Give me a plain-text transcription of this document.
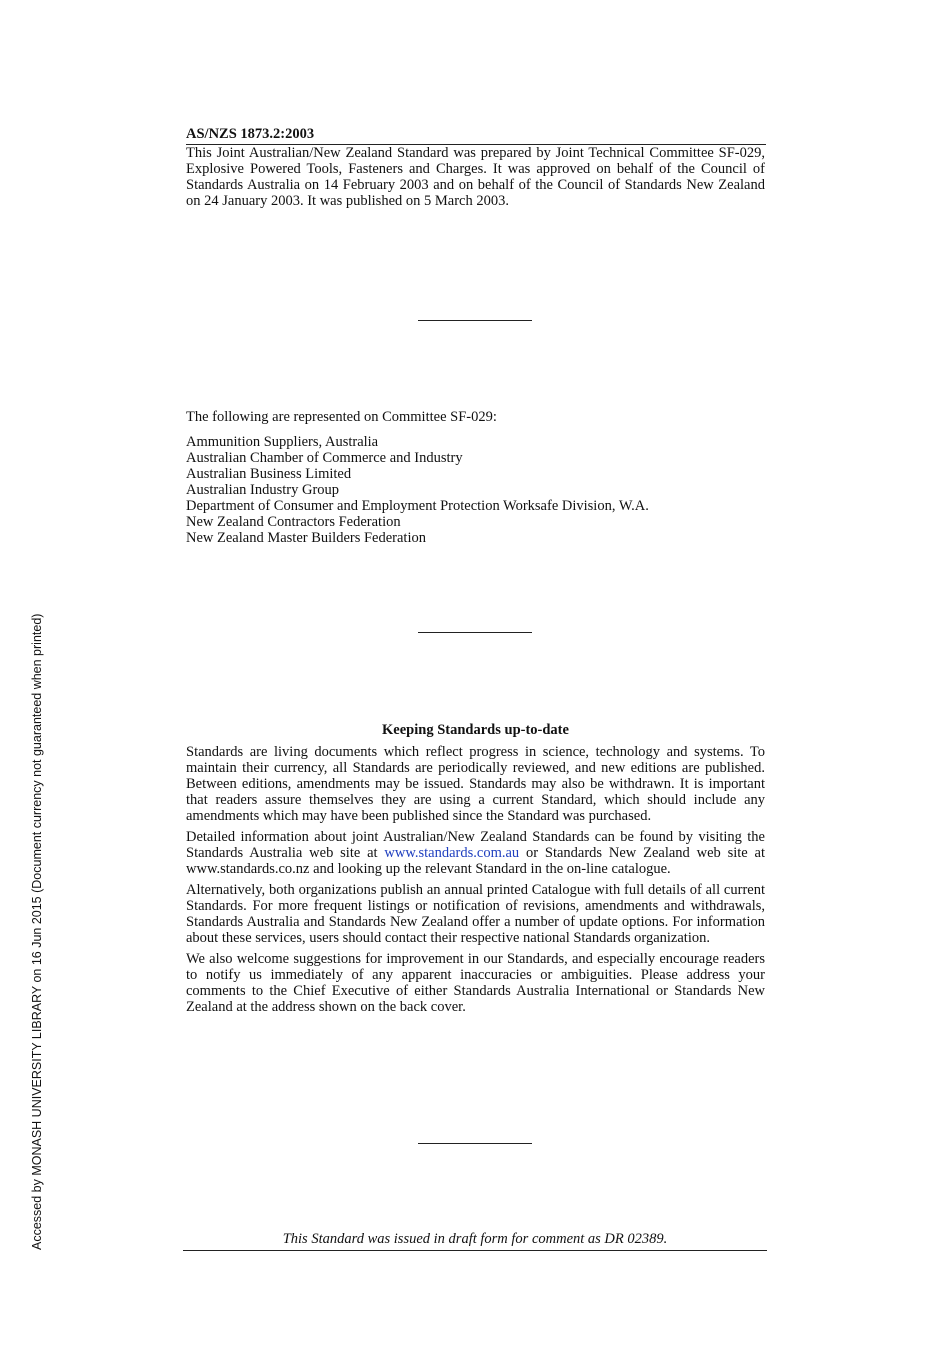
AS/NZS 1873.2:2003

This Joint Australian/New Zealand Standard was prepared by Joint Technical Committee SF-029, Explosive Powered Tools, Fasteners and Charges. It was approved on behalf of the Council of Standards Australia on 14 February 2003 and on behalf of the Council of Standards New Zealand on 24 January 2003. It was published on 5 March 2003.

The following are represented on Committee SF-029:

Ammunition Suppliers, Australia
Australian Chamber of Commerce and Industry
Australian Business Limited
Australian Industry Group
Department of Consumer and Employment Protection Worksafe Division, W.A.
New Zealand Contractors Federation
New Zealand Master Builders Federation
Keeping Standards up-to-date

Standards are living documents which reflect progress in science, technology and systems. To maintain their currency, all Standards are periodically reviewed, and new editions are published. Between editions, amendments may be issued. Standards may also be withdrawn. It is important that readers assure themselves they are using a current Standard, which should include any amendments which may have been published since the Standard was purchased.

Detailed information about joint Australian/New Zealand Standards can be found by visiting the Standards Australia web site at www.standards.com.au or Standards New Zealand web site at www.standards.co.nz and looking up the relevant Standard in the on-line catalogue.

Alternatively, both organizations publish an annual printed Catalogue with full details of all current Standards. For more frequent listings or notification of revisions, amendments and withdrawals, Standards Australia and Standards New Zealand offer a number of update options. For information about these services, users should contact their respective national Standards organization.

We also welcome suggestions for improvement in our Standards, and especially encourage readers to notify us immediately of any apparent inaccuracies or ambiguities. Please address your comments to the Chief Executive of either Standards Australia International or Standards New Zealand at the address shown on the back cover.

This Standard was issued in draft form for comment as DR 02389.
Accessed by MONASH UNIVERSITY LIBRARY on 16 Jun 2015 (Document currency not guaranteed when printed)
